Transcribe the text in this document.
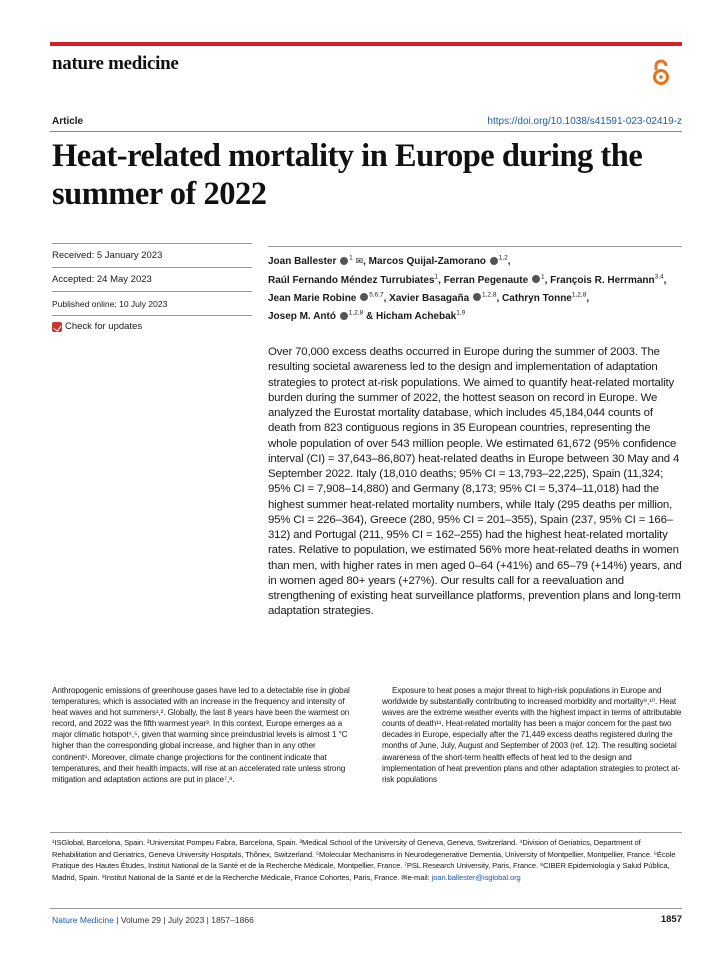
nature medicine
Article	https://doi.org/10.1038/s41591-023-02419-z
Heat-related mortality in Europe during the summer of 2022
Received: 5 January 2023
Accepted: 24 May 2023
Published online: 10 July 2023
Check for updates
Joan Ballester $^1$ ✉, Marcos Quijal-Zamorano $^{1,2}$, Raúl Fernando Méndez Turrubiates$^1$, Ferran Pegenaute $^1$, François R. Herrmann$^{3,4}$, Jean Marie Robine $^{5,6,7}$, Xavier Basagaña $^{1,2,8}$, Cathryn Tonne$^{1,2,8}$, Josep M. Antó $^{1,2,8}$ & Hicham Achebak$^{1,9}$

Over 70,000 excess deaths occurred in Europe during the summer of 2003. The resulting societal awareness led to the design and implementation of adaptation strategies to protect at-risk populations. We aimed to quantify heat-related mortality burden during the summer of 2022, the hottest season on record in Europe. We analyzed the Eurostat mortality database, which includes 45,184,044 counts of death from 823 contiguous regions in 35 European countries, representing the whole population of over 543 million people. We estimated 61,672 (95% confidence interval (CI) = 37,643–86,807) heat-related deaths in Europe between 30 May and 4 September 2022. Italy (18,010 deaths; 95% CI = 13,793–22,225), Spain (11,324; 95% CI = 7,908–14,880) and Germany (8,173; 95% CI = 5,374–11,018) had the highest summer heat-related mortality numbers, while Italy (295 deaths per million, 95% CI = 226–364), Greece (280, 95% CI = 201–355), Spain (237, 95% CI = 166–312) and Portugal (211, 95% CI = 162–255) had the highest heat-related mortality rates. Relative to population, we estimated 56% more heat-related deaths in women than men, with higher rates in men aged 0–64 (+41%) and 65–79 (+14%) years, and in women aged 80+ years (+27%). Our results call for a reevaluation and strengthening of existing heat surveillance platforms, prevention plans and long-term adaptation strategies.

Anthropogenic emissions of greenhouse gases have led to a detectable rise in global temperatures, which is associated with an increase in the frequency and intensity of heat waves and hot summers¹,². Globally, the last 8 years have been the warmest on record, and 2022 was the fifth warmest year³. In this context, Europe emerges as a major climatic hotspot⁴,⁵, given that warming since preindustrial levels is almost 1 °C higher than the corresponding global increase, and higher than in any other continent⁶. Moreover, climate change projections for the continent indicate that temperatures, and their health impacts, will rise at an accelerated rate unless strong mitigation and adaptation actions are put in place⁷,⁸.

Exposure to heat poses a major threat to high-risk populations in Europe and worldwide by substantially contributing to increased morbidity and mortality⁹,¹⁰. Heat waves are the extreme weather events with the highest impact in terms of attributable counts of death¹¹. Heat-related mortality has been a major concern for the past two decades in Europe, especially after the 71,449 excess deaths registered during the months of June, July, August and September of 2003 (ref. 12). The resulting societal awareness of the short-term health effects of heat led to the design and implementation of heat prevention plans and other adaptation strategies to protect at-risk populations

¹ISGlobal, Barcelona, Spain. ²Universitat Pompeu Fabra, Barcelona, Spain. ³Medical School of the University of Geneva, Geneva, Switzerland. ⁴Division of Geriatrics, Department of Rehabilitation and Geriatrics, Geneva University Hospitals, Thônex, Switzerland. ⁵Molecular Mechanisms in Neurodegenerative Dementia, University of Montpellier, Montpellier, France. ⁶École Pratique des Hautes Études, Institut National de la Santé et de la Recherche Médicale, Montpellier, France. ⁷PSL Research University, Paris, France. ⁸CIBER Epidemiología y Salud Pública, Madrid, Spain. ⁹Institut National de la Santé et de la Recherche Médicale, France Cohortes, Paris, France. ✉e-mail: joan.ballester@isglobal.org

Nature Medicine | Volume 29 | July 2023 | 1857–1866	1857
